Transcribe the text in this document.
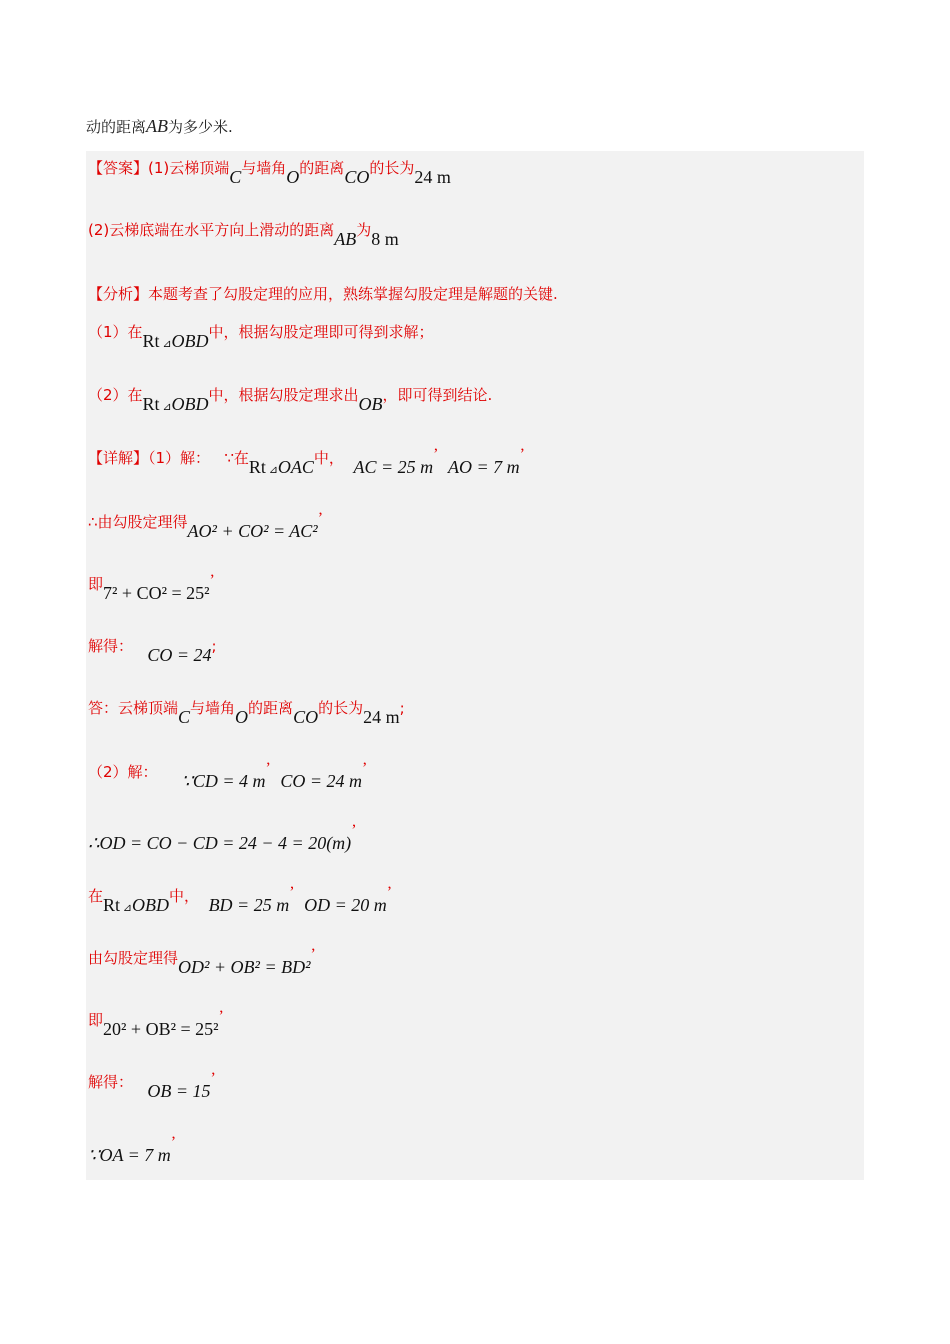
动的距离AB为多少米.
【答案】(1)云梯顶端C与墙角O的距离CO的长为24 m
(2)云梯底端在水平方向上滑动的距离AB为8 m
【分析】本题考查了勾股定理的应用，熟练掌握勾股定理是解题的关键.
（1）在Rt $_⊿$OBD中，根据勾股定理即可得到求解；
（2）在Rt $_⊿$OBD中，根据勾股定理求出OB，即可得到结论.
【详解】（1）解： ∵在Rt $_⊿$OAC中， AC = 25 m’  AO = 7 m’
∴由勾股定理得AO² + CO² = AC²’
即7² + CO² = 25²’
解得： CO = 24;
答：云梯顶端C与墙角O的距离CO的长为24 m;
（2）解： ∵CD = 4 m’  CO = 24 m’
∴OD = CO − CD = 24 − 4 = 20(m)’
在Rt $_⊿$OBD中， BD = 25 m’  OD = 20 m’
由勾股定理得OD² + OB² = BD²’
即20² + OB² = 25²’
解得： OB = 15’
∵OA = 7 m’
